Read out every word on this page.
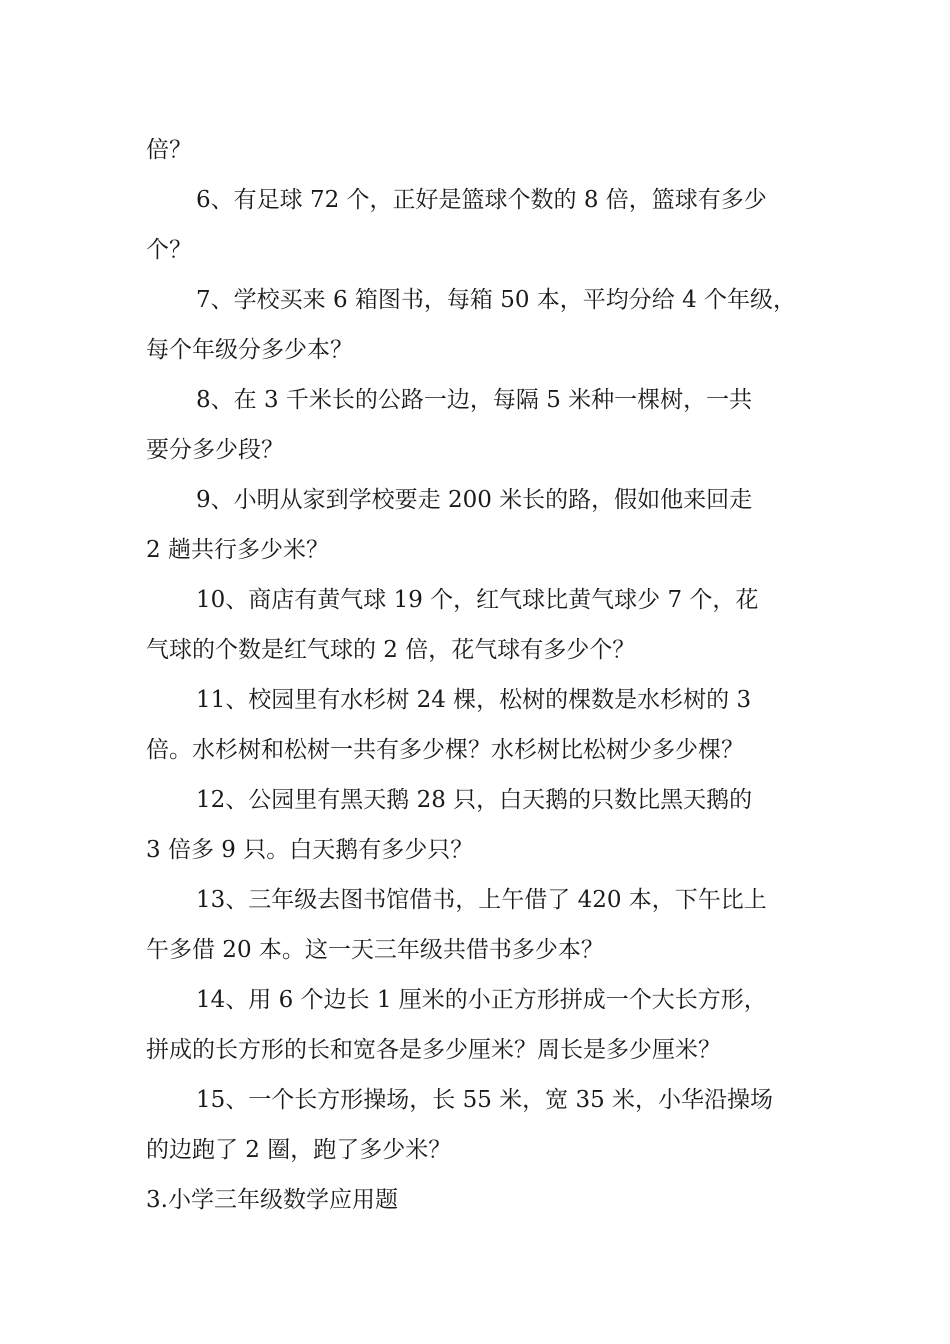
倍？
6、有足球 72 个，正好是篮球个数的 8 倍，篮球有多少
个？
7、学校买来 6 箱图书，每箱 50 本，平均分给 4 个年级，
每个年级分多少本？
8、在 3 千米长的公路一边，每隔 5 米种一棵树，一共
要分多少段？
9、小明从家到学校要走 200 米长的路，假如他来回走
2 趟共行多少米？
10、商店有黄气球 19 个，红气球比黄气球少 7 个，花
气球的个数是红气球的 2 倍，花气球有多少个？
11、校园里有水杉树 24 棵，松树的棵数是水杉树的 3
倍。水杉树和松树一共有多少棵？水杉树比松树少多少棵？
12、公园里有黑天鹅 28 只，白天鹅的只数比黑天鹅的
3 倍多 9 只。白天鹅有多少只？
13、三年级去图书馆借书，上午借了 420 本，下午比上
午多借 20 本。这一天三年级共借书多少本？
14、用 6 个边长 1 厘米的小正方形拼成一个大长方形，
拼成的长方形的长和宽各是多少厘米？周长是多少厘米？
15、一个长方形操场，长 55 米，宽 35 米，小华沿操场
的边跑了 2 圈，跑了多少米？
3.小学三年级数学应用题
